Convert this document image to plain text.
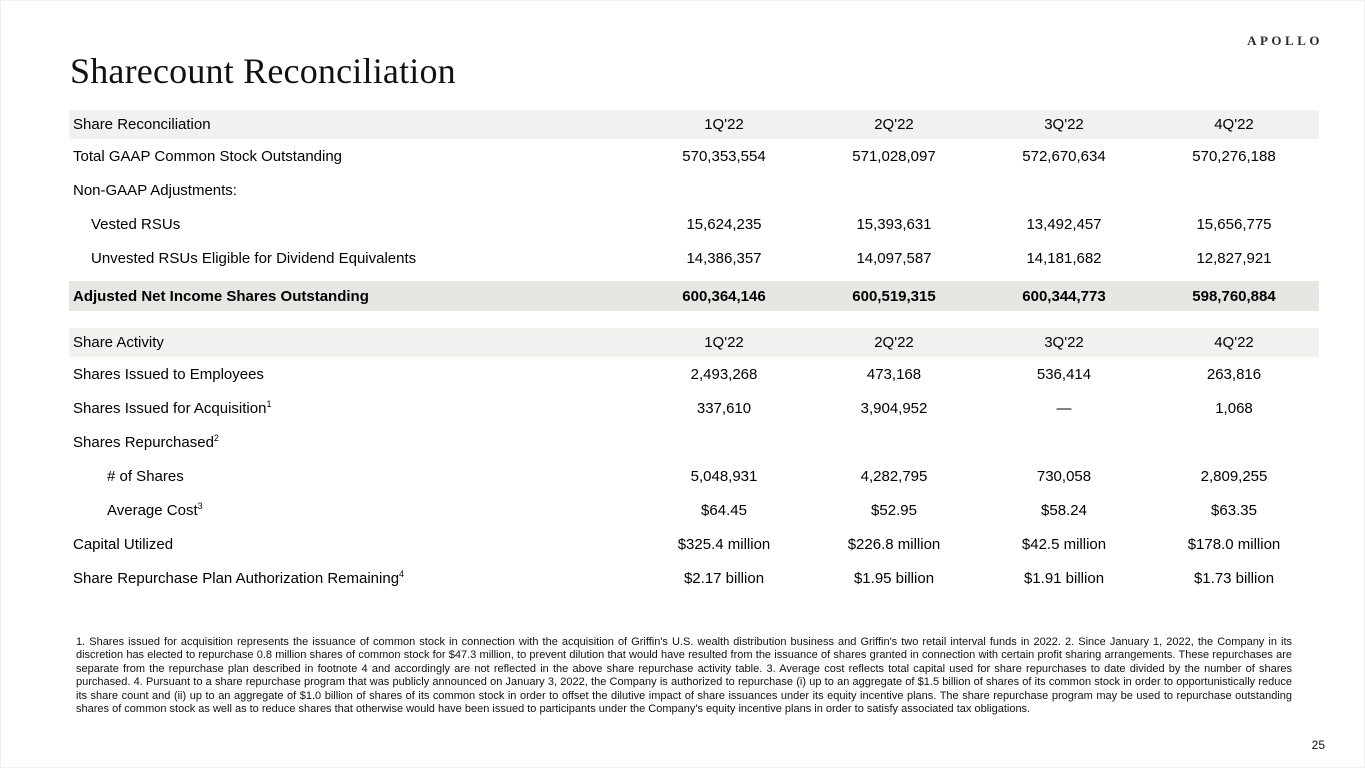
APOLLO
Sharecount Reconciliation
Share Reconciliation	1Q'22	2Q'22	3Q'22	4Q'22
Total GAAP Common Stock Outstanding	570,353,554	571,028,097	572,670,634	570,276,188
Non-GAAP Adjustments:
Vested RSUs	15,624,235	15,393,631	13,492,457	15,656,775
Unvested RSUs Eligible for Dividend Equivalents	14,386,357	14,097,587	14,181,682	12,827,921
Adjusted Net Income Shares Outstanding	600,364,146	600,519,315	600,344,773	598,760,884
Share Activity	1Q'22	2Q'22	3Q'22	4Q'22
Shares Issued to Employees	2,493,268	473,168	536,414	263,816
Shares Issued for Acquisition$^1$	337,610	3,904,952	—	1,068
Shares Repurchased$^2$
# of Shares	5,048,931	4,282,795	730,058	2,809,255
Average Cost$^3$	$64.45	$52.95	$58.24	$63.35
Capital Utilized	$325.4 million	$226.8 million	$42.5 million	$178.0 million
Share Repurchase Plan Authorization Remaining$^4$	$2.17 billion	$1.95 billion	$1.91 billion	$1.73 billion

1. Shares issued for acquisition represents the issuance of common stock in connection with the acquisition of Griffin's U.S. wealth distribution business and Griffin's two retail interval funds in 2022. 2. Since January 1, 2022, the Company in its discretion has elected to repurchase 0.8 million shares of common stock for $47.3 million, to prevent dilution that would have resulted from the issuance of shares granted in connection with certain profit sharing arrangements. These repurchases are separate from the repurchase plan described in footnote 4 and accordingly are not reflected in the above share repurchase activity table. 3. Average cost reflects total capital used for share repurchases to date divided by the number of shares purchased. 4. Pursuant to a share repurchase program that was publicly announced on January 3, 2022, the Company is authorized to repurchase (i) up to an aggregate of $1.5 billion of shares of its common stock in order to opportunistically reduce its share count and (ii) up to an aggregate of $1.0 billion of shares of its common stock in order to offset the dilutive impact of share issuances under its equity incentive plans. The share repurchase program may be used to repurchase outstanding shares of common stock as well as to reduce shares that otherwise would have been issued to participants under the Company's equity incentive plans in order to satisfy associated tax obligations.

25
